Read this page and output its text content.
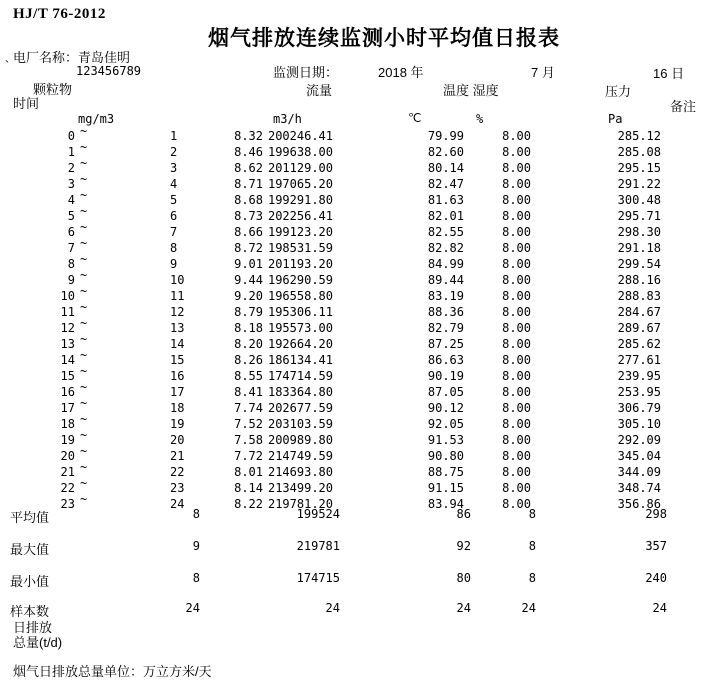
HJ/T 76-2012
烟气排放连续监测小时平均值日报表
电厂名称：青岛佳明
`	123456789	监测日期：	2018 年	7 月	16 日
颗粒物	流量	温度 湿度	压力
时间	备注
mg/m3	m3/h	℃	%	Pa
0 ~	1	8.32 200246.41	79.99	8.00	285.12
1 ~	2	8.46 199638.00	82.60	8.00	285.08
2 ~	3	8.62 201129.00	80.14	8.00	295.15
3 ~	4	8.71 197065.20	82.47	8.00	291.22
4 ~	5	8.68 199291.80	81.63	8.00	300.48
5 ~	6	8.73 202256.41	82.01	8.00	295.71
6 ~	7	8.66 199123.20	82.55	8.00	298.30
7 ~	8	8.72 198531.59	82.82	8.00	291.18
8 ~	9	9.01 201193.20	84.99	8.00	299.54
9 ~	10	9.44 196290.59	89.44	8.00	288.16
10 ~	11	9.20 196558.80	83.19	8.00	288.83
11 ~	12	8.79 195306.11	88.36	8.00	284.67
12 ~	13	8.18 195573.00	82.79	8.00	289.67
13 ~	14	8.20 192664.20	87.25	8.00	285.62
14 ~	15	8.26 186134.41	86.63	8.00	277.61
15 ~	16	8.55 174714.59	90.19	8.00	239.95
16 ~	17	8.41 183364.80	87.05	8.00	253.95
17 ~	18	7.74 202677.59	90.12	8.00	306.79
18 ~	19	7.52 203103.59	92.05	8.00	305.10
19 ~	20	7.58 200989.80	91.53	8.00	292.09
20 ~	21	7.72 214749.59	90.80	8.00	345.04
21 ~	22	8.01 214693.80	88.75	8.00	344.09
22 ~	23	8.14 213499.20	91.15	8.00	348.74
23 ~	24	8.22 219781.20	83.94	8.00	356.86
平均值	8	199524	86	8	298
最大值	9	219781	92	8	357
最小值	8	174715	80	8	240
样本数	24	24	24	24	24
日排放
总量(t/d)
烟气日排放总量单位：万立方米/天
